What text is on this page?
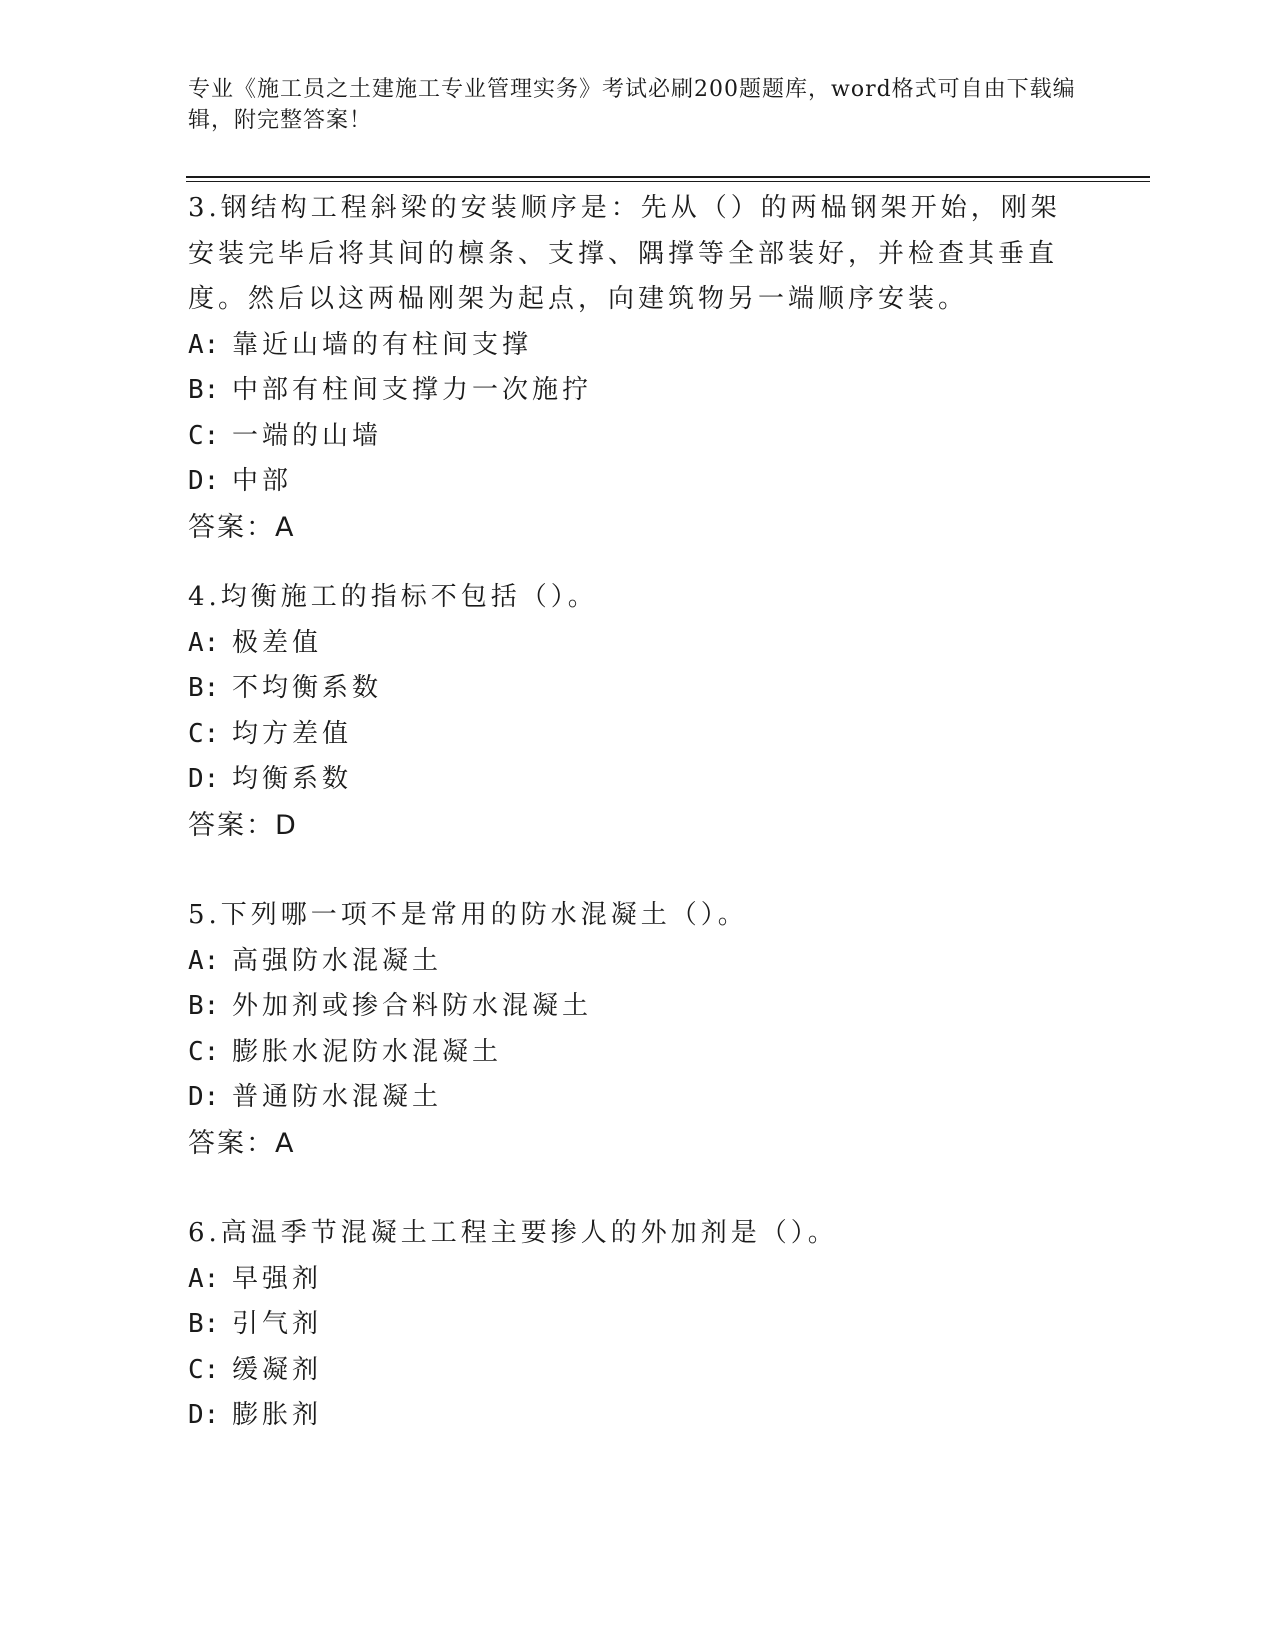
专业《施工员之土建施工专业管理实务》考试必刷200题题库，word格式可自由下载编辑，附完整答案！
3.钢结构工程斜梁的安装顺序是：先从（）的两榀钢架开始，刚架安装完毕后将其间的檩条、支撑、隅撑等全部装好，并检查其垂直度。然后以这两榀刚架为起点，向建筑物另一端顺序安装。
A: 靠近山墙的有柱间支撑
B: 中部有柱间支撑力一次施拧
C: 一端的山墙
D: 中部
答案：A
4.均衡施工的指标不包括（）。
A: 极差值
B: 不均衡系数
C: 均方差值
D: 均衡系数
答案：D
5.下列哪一项不是常用的防水混凝土（）。
A: 高强防水混凝土
B: 外加剂或掺合料防水混凝土
C: 膨胀水泥防水混凝土
D: 普通防水混凝土
答案：A
6.高温季节混凝土工程主要掺人的外加剂是（）。
A: 早强剂
B: 引气剂
C: 缓凝剂
D: 膨胀剂
